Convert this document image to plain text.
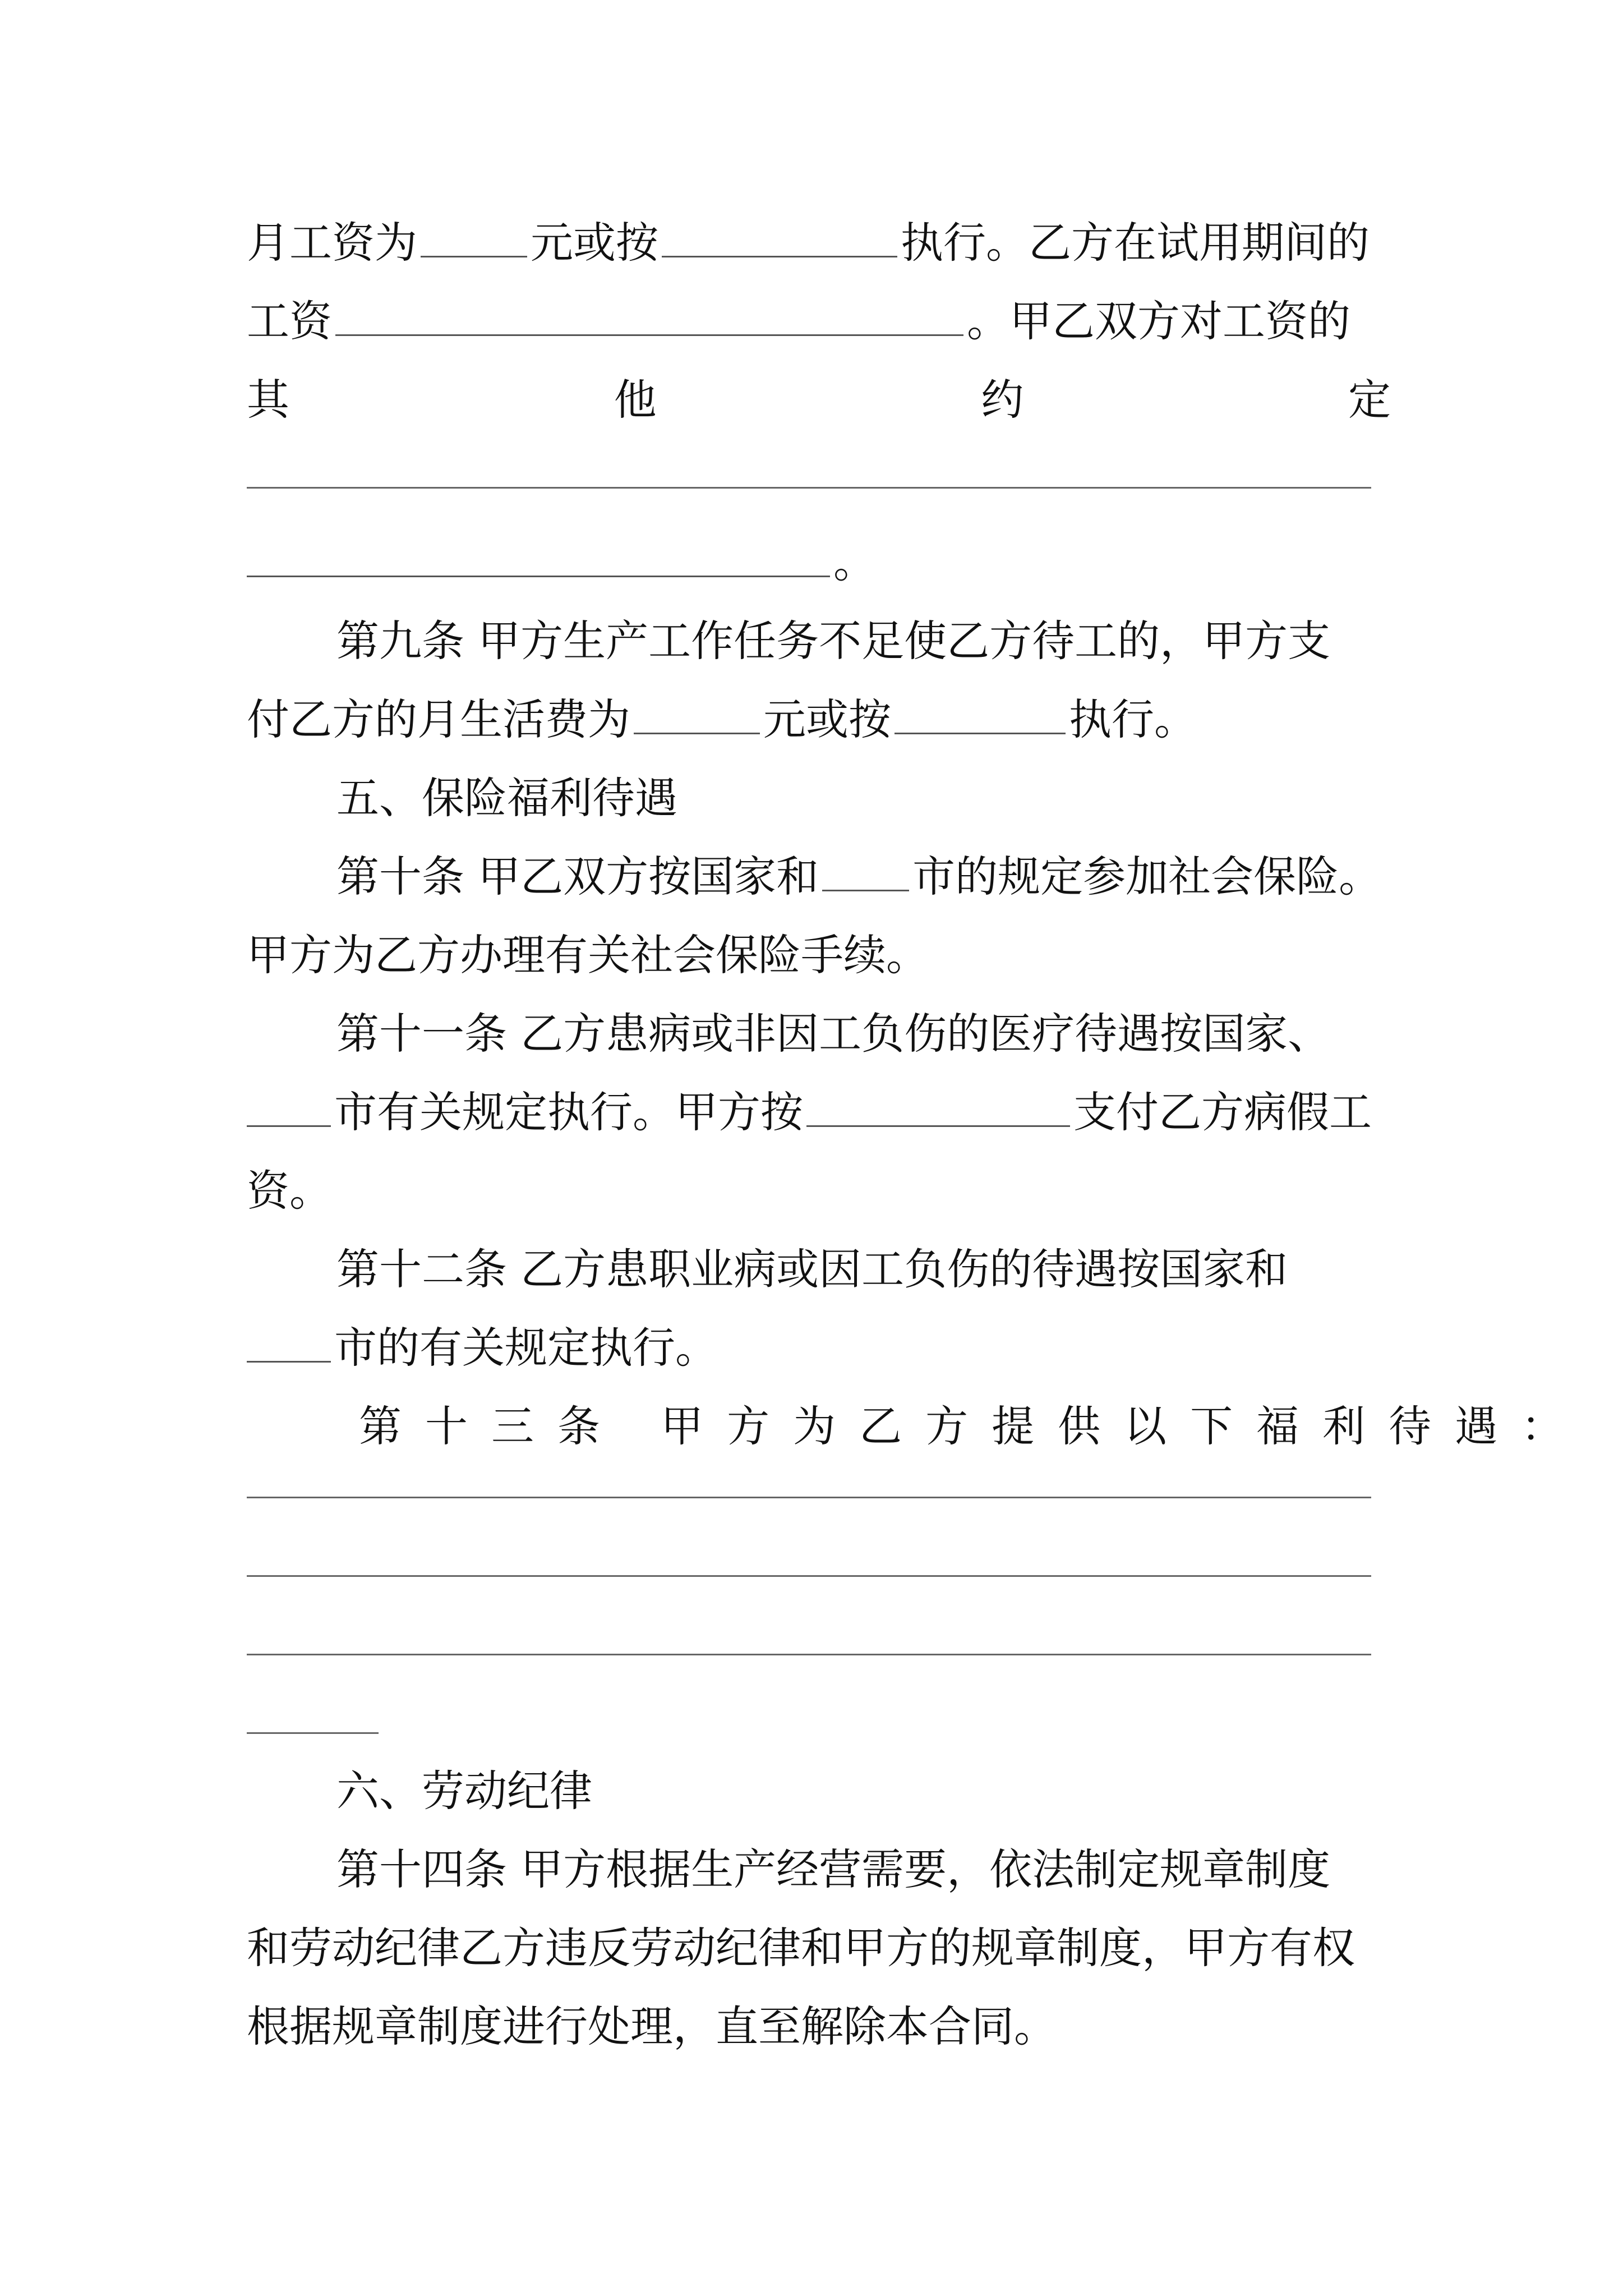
月工资为	元或按	执行。乙方在试用期间的
工资	。甲乙双方对工资的
其	他	约	定
。
第九条 甲方生产工作任务不足使乙方待工的，甲方支
付乙方的月生活费为	元或按	执行。
五、保险福利待遇
第十条 甲乙双方按国家和 市的规定参加社会保险。
甲方为乙方办理有关社会保险手续。
第十一条 乙方患病或非因工负伤的医疗待遇按国家、
市有关规定执行。甲方按	支付乙方病假工
资。
第十二条 乙方患职业病或因工负伤的待遇按国家和
市的有关规定执行。
第十三条 甲方为乙方提供以下福利待遇：
六、劳动纪律
第十四条 甲方根据生产经营需要，依法制定规章制度
和劳动纪律乙方违反劳动纪律和甲方的规章制度，甲方有权
根据规章制度进行处理，直至解除本合同。
